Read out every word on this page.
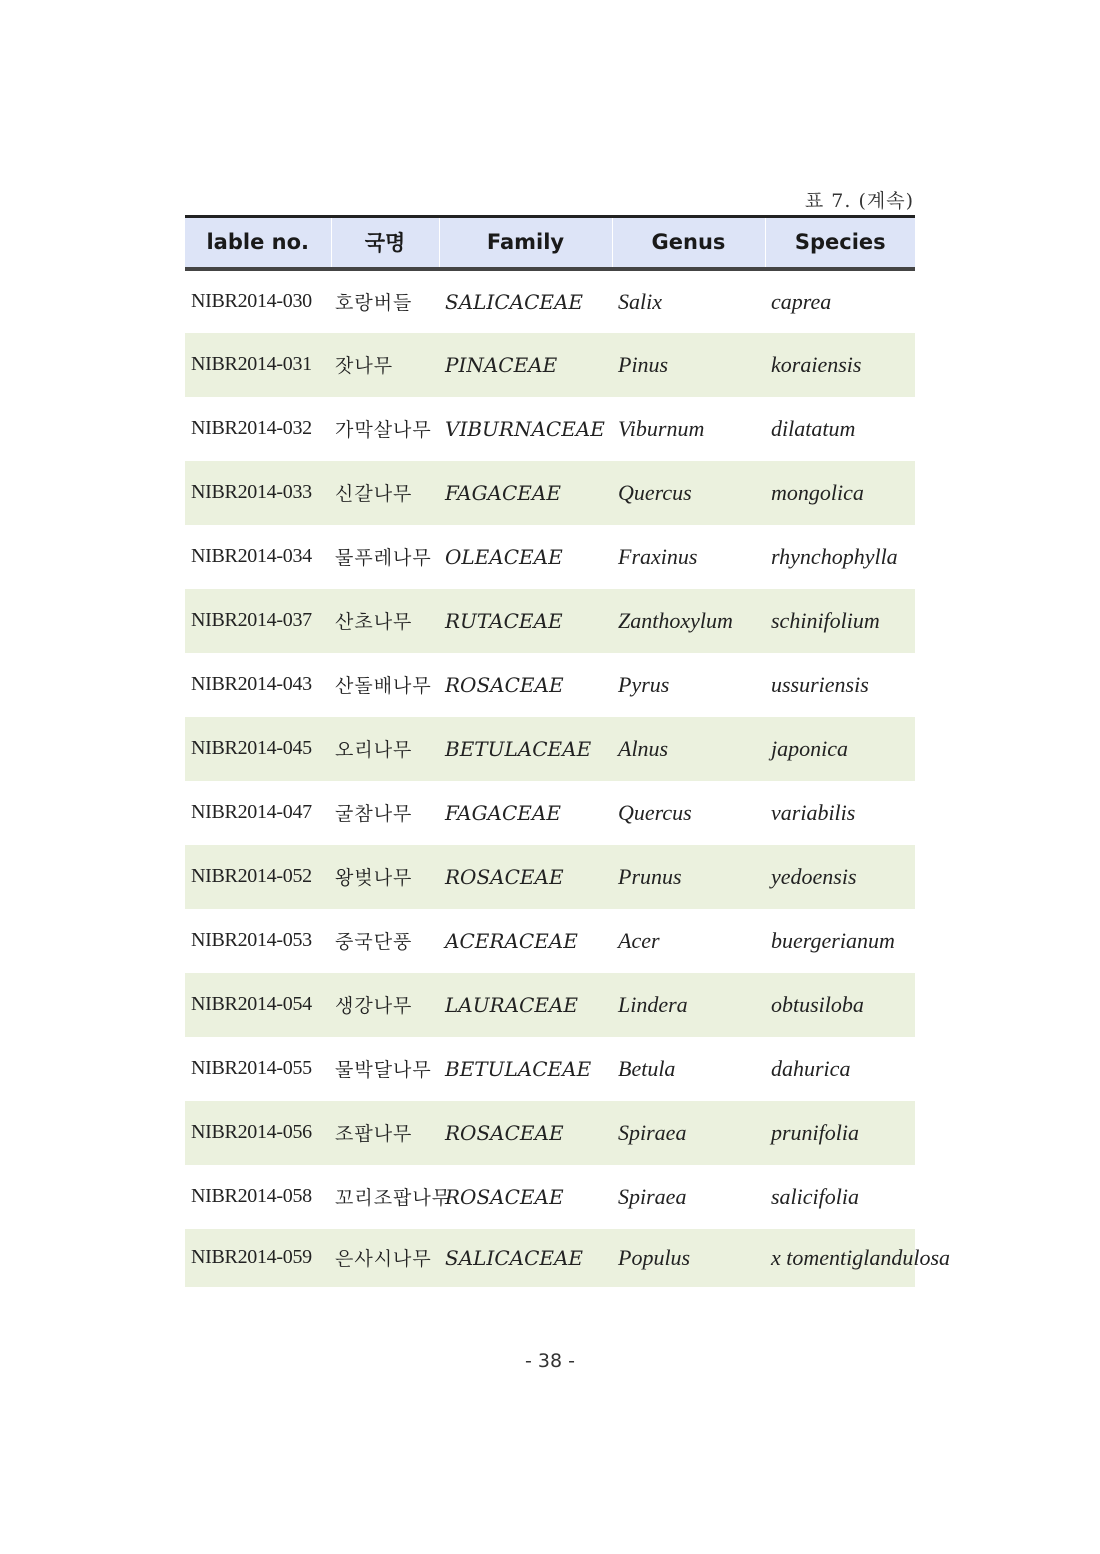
표 7. (계속)
lable no.	국명	Family	Genus	Species
NIBR2014-030	호랑버들	SALICACEAE	Salix	caprea
NIBR2014-031	잣나무	PINACEAE	Pinus	koraiensis
NIBR2014-032	가막살나무	VIBURNACEAE	Viburnum	dilatatum
NIBR2014-033	신갈나무	FAGACEAE	Quercus	mongolica
NIBR2014-034	물푸레나무	OLEACEAE	Fraxinus	rhynchophylla
NIBR2014-037	산초나무	RUTACEAE	Zanthoxylum	schinifolium
NIBR2014-043	산돌배나무	ROSACEAE	Pyrus	ussuriensis
NIBR2014-045	오리나무	BETULACEAE	Alnus	japonica
NIBR2014-047	굴참나무	FAGACEAE	Quercus	variabilis
NIBR2014-052	왕벚나무	ROSACEAE	Prunus	yedoensis
NIBR2014-053	중국단풍	ACERACEAE	Acer	buergerianum
NIBR2014-054	생강나무	LAURACEAE	Lindera	obtusiloba
NIBR2014-055	물박달나무	BETULACEAE	Betula	dahurica
NIBR2014-056	조팝나무	ROSACEAE	Spiraea	prunifolia
NIBR2014-058	꼬리조팝나무	ROSACEAE	Spiraea	salicifolia
NIBR2014-059	은사시나무	SALICACEAE	Populus	x tomentiglandulosa
- 38 -
